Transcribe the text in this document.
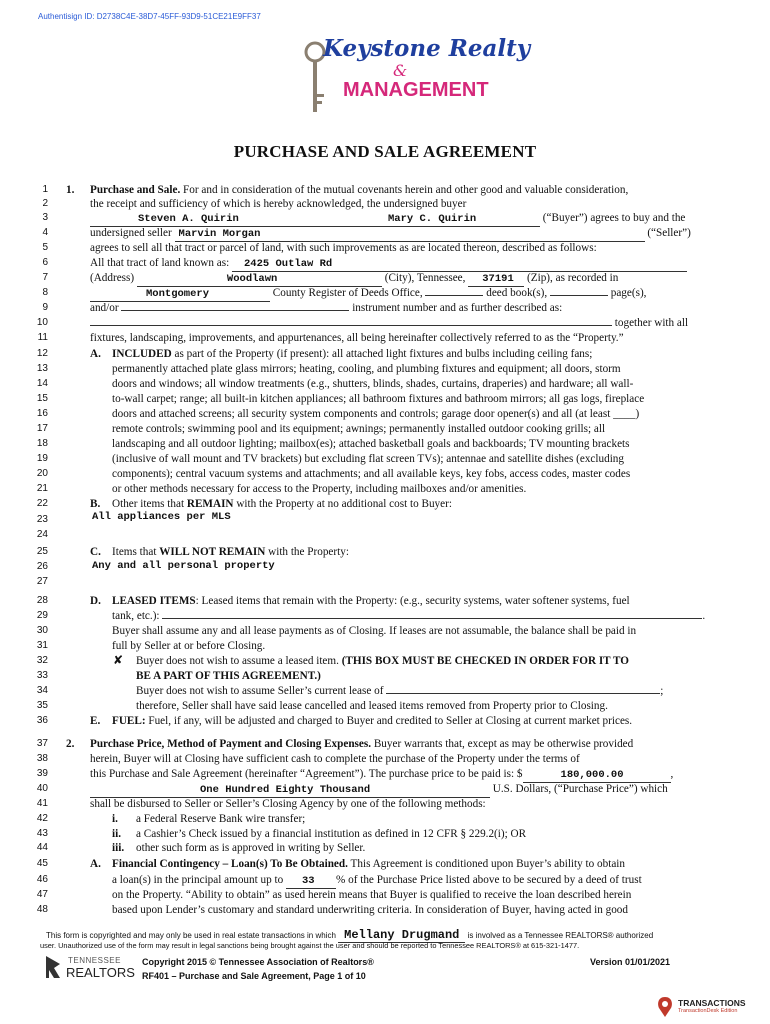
Authentisign ID: D2738C4E-38D7-45FF-93D9-51CE21E9FF37
Keystone Realty
&
MANAGEMENT
PURCHASE AND SALE AGREEMENT
1
2
3
4
5
6
7
8
9
10
11
12
13
14
15
16
17
18
19
20
21
22
23
24
25
26
27
28
29
30
31
32
33
34
35
36
37
38
39
40
41
42
43
44
45
46
47
48
1. Purchase and Sale. For and in consideration of the mutual covenants herein and other good and valuable consideration,
the receipt and sufficiency of which is hereby acknowledged, the undersigned buyer
Steven A. Quirin	Mary C. Quirin	(“Buyer”) agrees to buy and the
undersigned seller Marvin Morgan	(“Seller”)
agrees to sell all that tract or parcel of land, with such improvements as are located thereon, described as follows:
All that tract of land known as: 2425 Outlaw Rd
(Address)	Woodlawn	(City), Tennessee, 37191 (Zip), as recorded in
Montgomery	County Register of Deeds Office,	deed book(s),	page(s),
and/or	instrument number and as further described as:
together with all
fixtures, landscaping, improvements, and appurtenances, all being hereinafter collectively referred to as the “Property.”
A. INCLUDED as part of the Property (if present): all attached light fixtures and bulbs including ceiling fans;
permanently attached plate glass mirrors; heating, cooling, and plumbing fixtures and equipment; all doors, storm
doors and windows; all window treatments (e.g., shutters, blinds, shades, curtains, draperies) and hardware; all wall-
to-wall carpet; range; all built-in kitchen appliances; all bathroom fixtures and bathroom mirrors; all gas logs, fireplace
doors and attached screens; all security system components and controls; garage door opener(s) and all (at least ____)
remote controls; swimming pool and its equipment; awnings; permanently installed outdoor cooking grills; all
landscaping and all outdoor lighting; mailbox(es); attached basketball goals and backboards; TV mounting brackets
(inclusive of wall mount and TV brackets) but excluding flat screen TVs); antennae and satellite dishes (excluding
components); central vacuum systems and attachments; and all available keys, key fobs, access codes, master codes
or other methods necessary for access to the Property, including mailboxes and/or amenities.
B. Other items that REMAIN with the Property at no additional cost to Buyer:
All appliances per MLS
C. Items that WILL NOT REMAIN with the Property:
Any and all personal property
D. LEASED ITEMS: Leased items that remain with the Property: (e.g., security systems, water softener systems, fuel
tank, etc.):	.
Buyer shall assume any and all lease payments as of Closing. If leases are not assumable, the balance shall be paid in
full by Seller at or before Closing.
✘ Buyer does not wish to assume a leased item. (THIS BOX MUST BE CHECKED IN ORDER FOR IT TO
BE A PART OF THIS AGREEMENT.)
Buyer does not wish to assume Seller’s current lease of	;
therefore, Seller shall have said lease cancelled and leased items removed from Property prior to Closing.
E. FUEL: Fuel, if any, will be adjusted and charged to Buyer and credited to Seller at Closing at current market prices.
2. Purchase Price, Method of Payment and Closing Expenses. Buyer warrants that, except as may be otherwise provided
herein, Buyer will at Closing have sufficient cash to complete the purchase of the Property under the terms of
this Purchase and Sale Agreement (hereinafter “Agreement”). The purchase price to be paid is: $	180,000.00	,
One Hundred Eighty Thousand	U.S. Dollars, (“Purchase Price”) which
shall be disbursed to Seller or Seller’s Closing Agency by one of the following methods:
i. a Federal Reserve Bank wire transfer;
ii. a Cashier’s Check issued by a financial institution as defined in 12 CFR § 229.2(i); OR
iii. other such form as is approved in writing by Seller.
A. Financial Contingency – Loan(s) To Be Obtained. This Agreement is conditioned upon Buyer’s ability to obtain
a loan(s) in the principal amount up to 33 % of the Purchase Price listed above to be secured by a deed of trust
on the Property. “Ability to obtain” as used herein means that Buyer is qualified to receive the loan described herein
based upon Lender’s customary and standard underwriting criteria. In consideration of Buyer, having acted in good
This form is copyrighted and may only be used in real estate transactions in which Mellany Drugmand is involved as a Tennessee REALTORS® authorized
user. Unauthorized use of the form may result in legal sanctions being brought against the user and should be reported to Tennessee REALTORS® at 615-321-1477.
TENNESSEE
REALTORS
Copyright 2015 © Tennessee Association of Realtors®
RF401 – Purchase and Sale Agreement, Page 1 of 10
Version 01/01/2021
TRANSACTIONS
TransactionDesk Edition
